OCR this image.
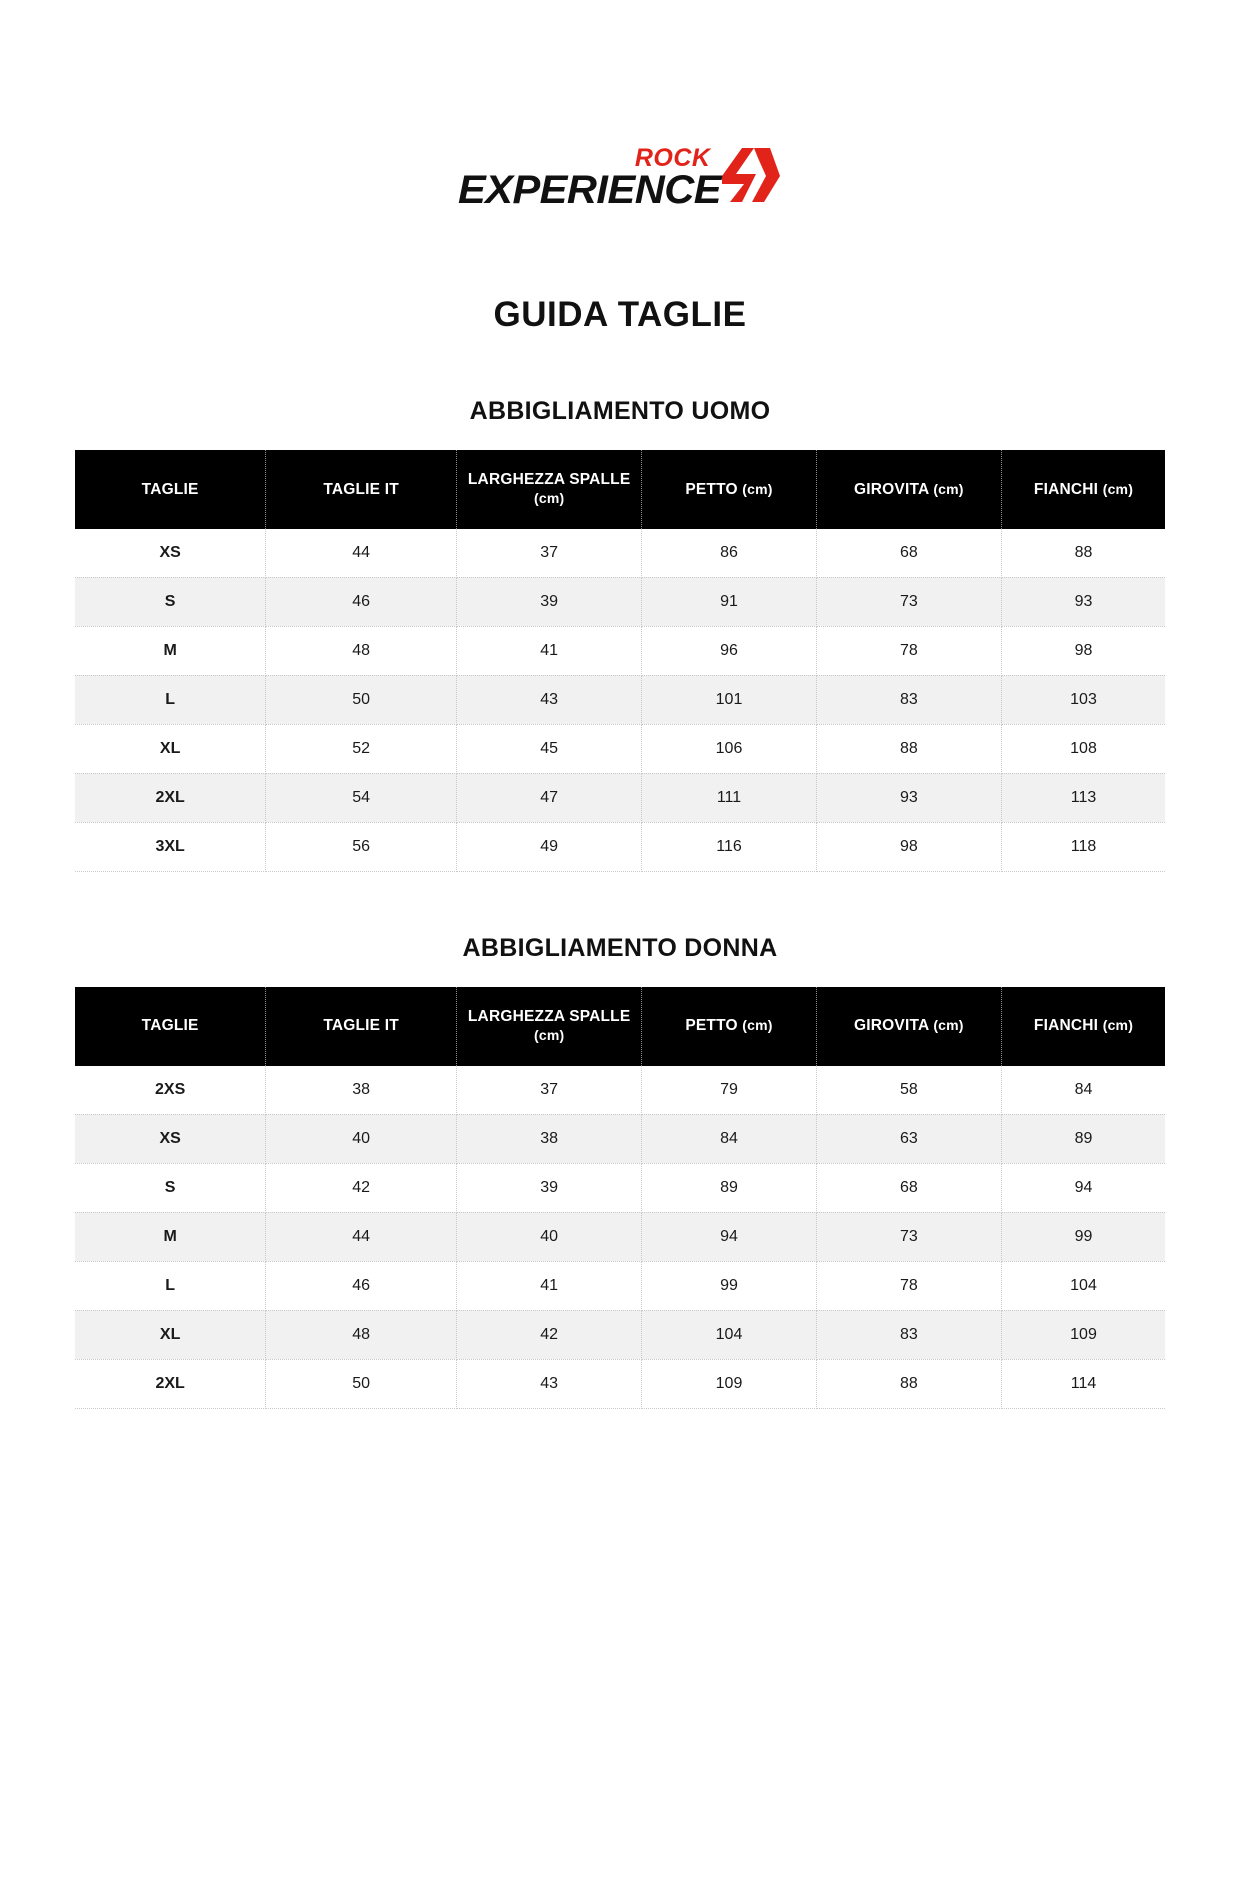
ROCK
EXPERIENCE
GUIDA TAGLIE
ABBIGLIAMENTO UOMO
TAGLIE	TAGLIE IT	LARGHEZZA SPALLE (cm)	PETTO (cm)	GIROVITA (cm)	FIANCHI (cm)
XS	44	37	86	68	88
S	46	39	91	73	93
M	48	41	96	78	98
L	50	43	101	83	103
XL	52	45	106	88	108
2XL	54	47	111	93	113
3XL	56	49	116	98	118
ABBIGLIAMENTO DONNA
TAGLIE	TAGLIE IT	LARGHEZZA SPALLE (cm)	PETTO (cm)	GIROVITA (cm)	FIANCHI (cm)
2XS	38	37	79	58	84
XS	40	38	84	63	89
S	42	39	89	68	94
M	44	40	94	73	99
L	46	41	99	78	104
XL	48	42	104	83	109
2XL	50	43	109	88	114
